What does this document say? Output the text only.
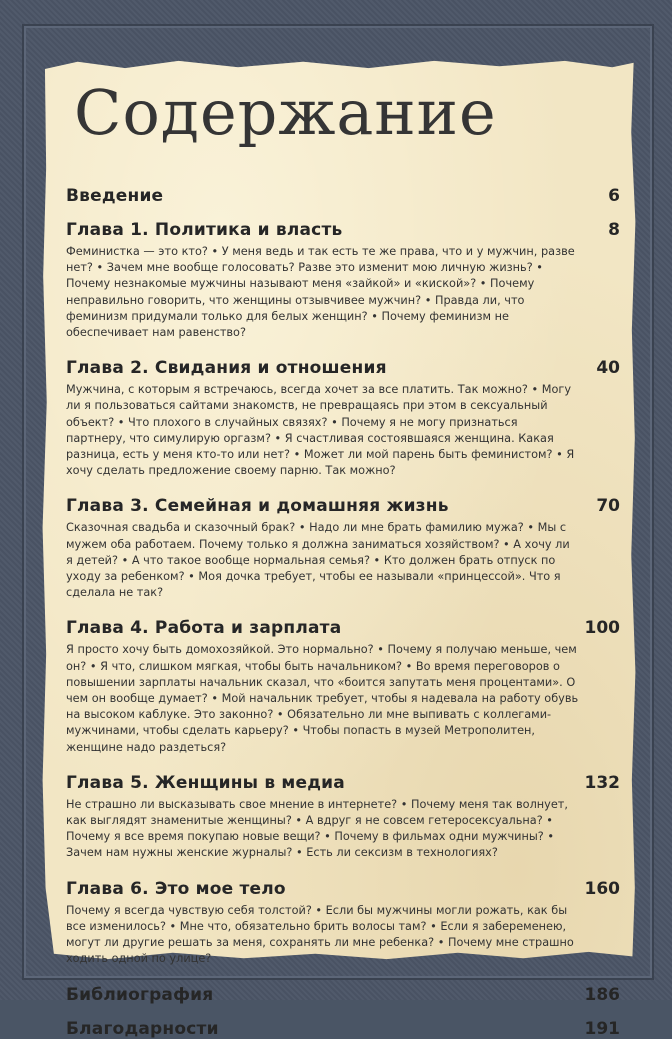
Содержание
Введение	6
Глава 1. Политика и власть	8

Феминистка — это кто? • У меня ведь и так есть те же права, что и у мужчин, разве нет? • Зачем мне вообще голосовать? Разве это изменит мою личную жизнь? • Почему незнакомые мужчины называют меня «зайкой» и «киской»? • Почему неправильно говорить, что женщины отзывчивее мужчин? • Правда ли, что феминизм придумали только для белых женщин? • Почему феминизм не обеспечивает нам равенство?

Глава 2. Свидания и отношения	40

Мужчина, с которым я встречаюсь, всегда хочет за все платить. Так можно? • Могу ли я пользоваться сайтами знакомств, не превращаясь при этом в сексуальный объект? • Что плохого в случайных связях? • Почему я не могу признаться партнеру, что симулирую оргазм? • Я счастливая состоявшаяся женщина. Какая разница, есть у меня кто-то или нет? • Может ли мой парень быть феминистом? • Я хочу сделать предложение своему парню. Так можно?

Глава 3. Семейная и домашняя жизнь	70

Сказочная свадьба и сказочный брак? • Надо ли мне брать фамилию мужа? • Мы с мужем оба работаем. Почему только я должна заниматься хозяйством? • А хочу ли я детей? • А что такое вообще нормальная семья? • Кто должен брать отпуск по уходу за ребенком? • Моя дочка требует, чтобы ее называли «принцессой». Что я сделала не так?

Глава 4. Работа и зарплата	100

Я просто хочу быть домохозяйкой. Это нормально? • Почему я получаю меньше, чем он? • Я что, слишком мягкая, чтобы быть начальником? • Во время переговоров о повышении зарплаты начальник сказал, что «боится запутать меня процентами». О чем он вообще думает? • Мой начальник требует, чтобы я надевала на работу обувь на высоком каблуке. Это законно? • Обязательно ли мне выпивать с коллегами-мужчинами, чтобы сделать карьеру? • Чтобы попасть в музей Метрополитен, женщине надо раздеться?

Глава 5. Женщины в медиа	132

Не страшно ли высказывать свое мнение в интернете? • Почему меня так волнует, как выглядят знаменитые женщины? • А вдруг я не совсем гетеросексуальна? • Почему я все время покупаю новые вещи? • Почему в фильмах одни мужчины? • Зачем нам нужны женские журналы? • Есть ли сексизм в технологиях?

Глава 6. Это мое тело	160

Почему я всегда чувствую себя толстой? • Если бы мужчины могли рожать, как бы все изменилось? • Мне что, обязательно брить волосы там? • Если я забеременею, могут ли другие решать за меня, сохранять ли мне ребенка? • Почему мне страшно ходить одной по улице?

Библиография	186
Благодарности	191
